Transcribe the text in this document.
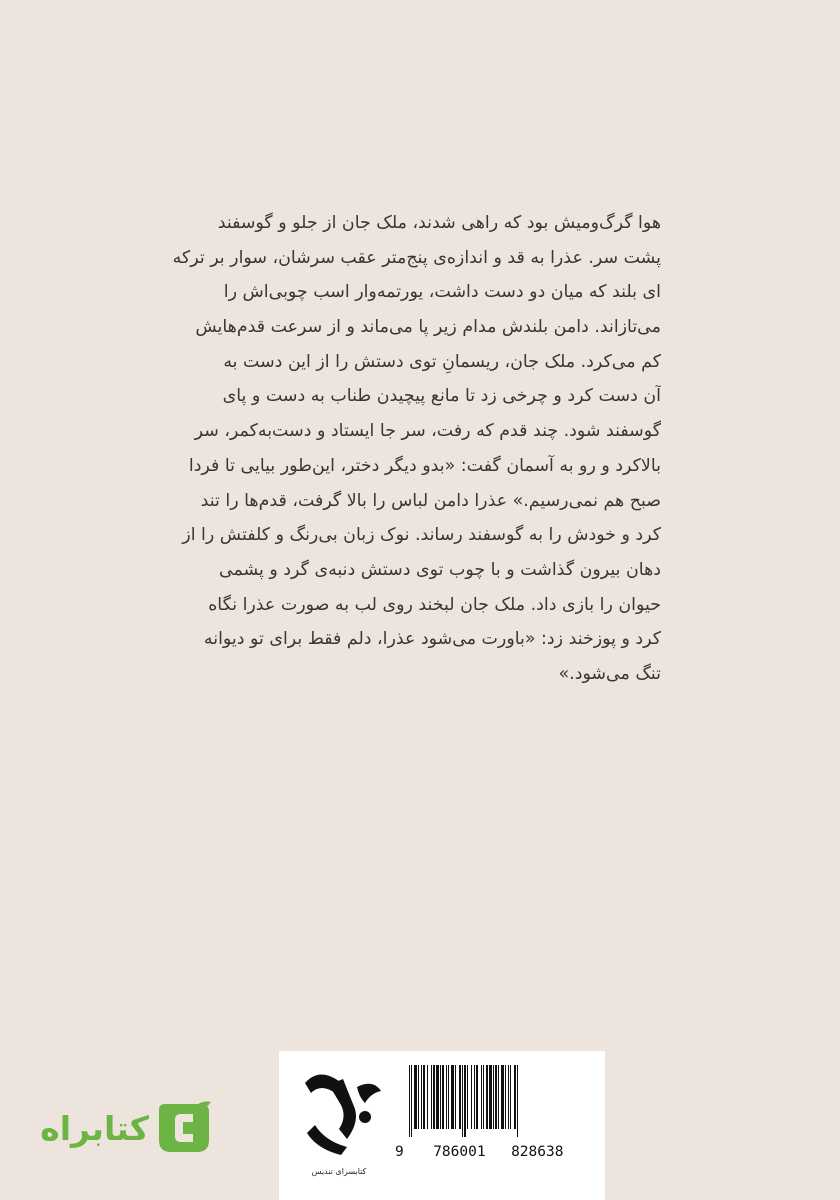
هوا گرگ‌ومیش بود که راهی شدند، ملک جان از جلو و گوسفند
پشت سر. عذرا به قد و اندازه‌ی پنج‌متر عقب سرشان، سوار بر ترکه
ای بلند که میان دو دست داشت، یورتمه‌وار اسب چوبی‌اش را
می‌تازاند. دامن بلندش مدام زیر پا می‌ماند و از سرعت قدم‌هایش
کم می‌کرد. ملک جان، ریسمانِ توی دستش را از این دست به
آن دست کرد و چرخی زد تا مانع پیچیدن طناب به دست و پای
گوسفند شود. چند قدم که رفت، سر جا ایستاد و دست‌به‌کمر، سر
بالاکرد و رو به آسمان گفت: «بدو دیگر دختر، این‌طور بیایی تا فردا
صبح هم نمی‌رسیم.» عذرا دامن لباس را بالا گرفت، قدم‌ها را تند
کرد و خودش را به گوسفند رساند. نوک زبان بی‌رنگ و کلفتش را از
دهان بیرون گذاشت و با چوب توی دستش دنبه‌ی گرد و پشمی
حیوان را بازی داد. ملک جان لبخند روی لب به صورت عذرا نگاه
کرد و پوزخند زد: «باورت می‌شود عذرا، دلم فقط برای تو دیوانه
تنگ می‌شود.»
کتابراه
کتابسرای تندیس
9 786001 828638
